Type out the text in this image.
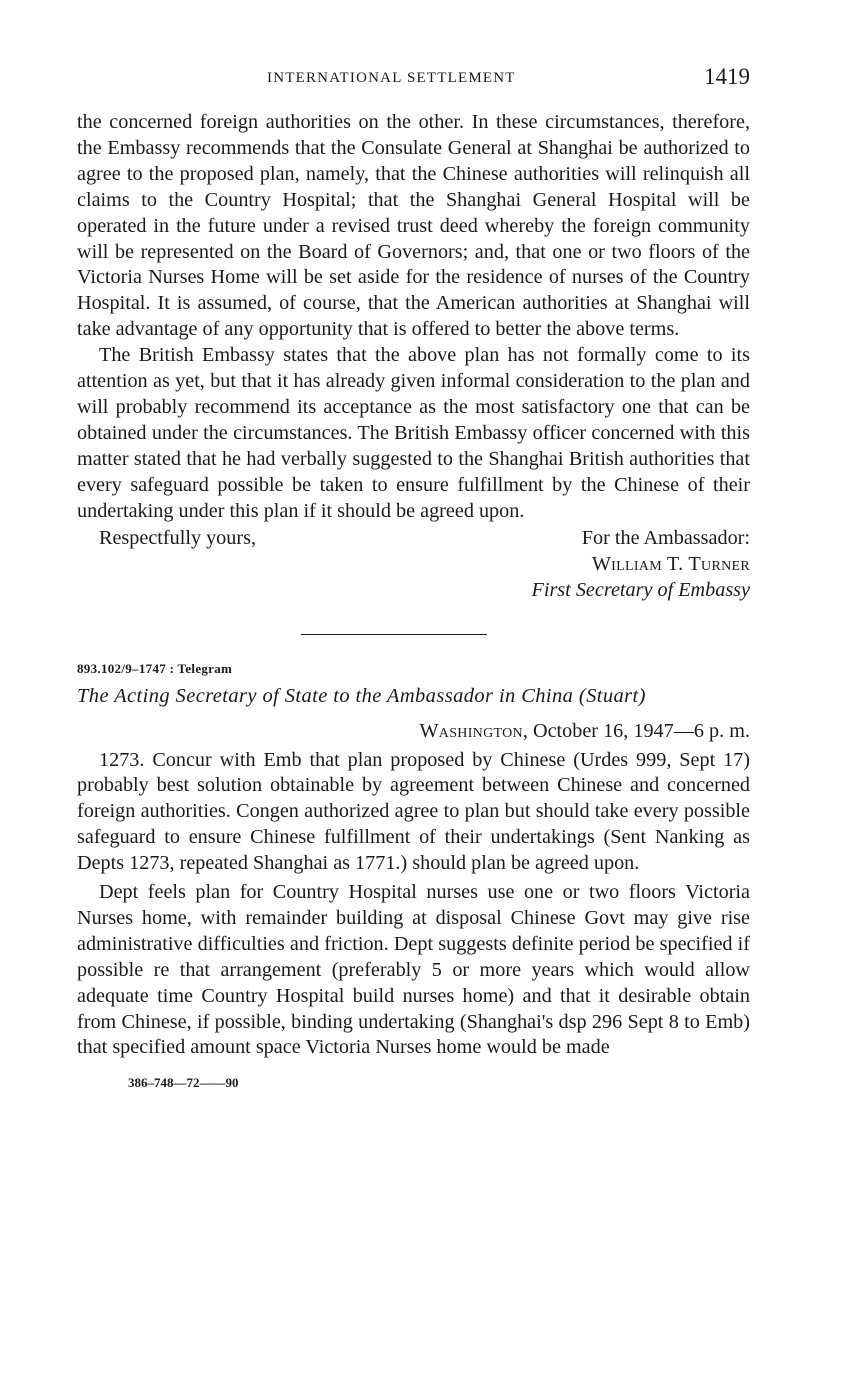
INTERNATIONAL SETTLEMENT	1419

the concerned foreign authorities on the other. In these circumstances, therefore, the Embassy recommends that the Consulate General at Shanghai be authorized to agree to the proposed plan, namely, that the Chinese authorities will relinquish all claims to the Country Hospital; that the Shanghai General Hospital will be operated in the future under a revised trust deed whereby the foreign community will be represented on the Board of Governors; and, that one or two floors of the Victoria Nurses Home will be set aside for the residence of nurses of the Country Hospital. It is assumed, of course, that the American authorities at Shanghai will take advantage of any opportunity that is offered to better the above terms.

The British Embassy states that the above plan has not formally come to its attention as yet, but that it has already given informal consideration to the plan and will probably recommend its acceptance as the most satisfactory one that can be obtained under the circumstances. The British Embassy officer concerned with this matter stated that he had verbally suggested to the Shanghai British authorities that every safeguard possible be taken to ensure fulfillment by the Chinese of their undertaking under this plan if it should be agreed upon.

Respectfully yours,	For the Ambassador:
William T. Turner
First Secretary of Embassy
893.102/9–1747 : Telegram
The Acting Secretary of State to the Ambassador in China (Stuart)
Washington, October 16, 1947—6 p. m.

1273. Concur with Emb that plan proposed by Chinese (Urdes 999, Sept 17) probably best solution obtainable by agreement between Chinese and concerned foreign authorities. Congen authorized agree to plan but should take every possible safeguard to ensure Chinese fulfillment of their undertakings (Sent Nanking as Depts 1273, repeated Shanghai as 1771.) should plan be agreed upon.

Dept feels plan for Country Hospital nurses use one or two floors Victoria Nurses home, with remainder building at disposal Chinese Govt may give rise administrative difficulties and friction. Dept suggests definite period be specified if possible re that arrangement (preferably 5 or more years which would allow adequate time Country Hospital build nurses home) and that it desirable obtain from Chinese, if possible, binding undertaking (Shanghai's dsp 296 Sept 8 to Emb) that specified amount space Victoria Nurses home would be made

386–748—72——90
